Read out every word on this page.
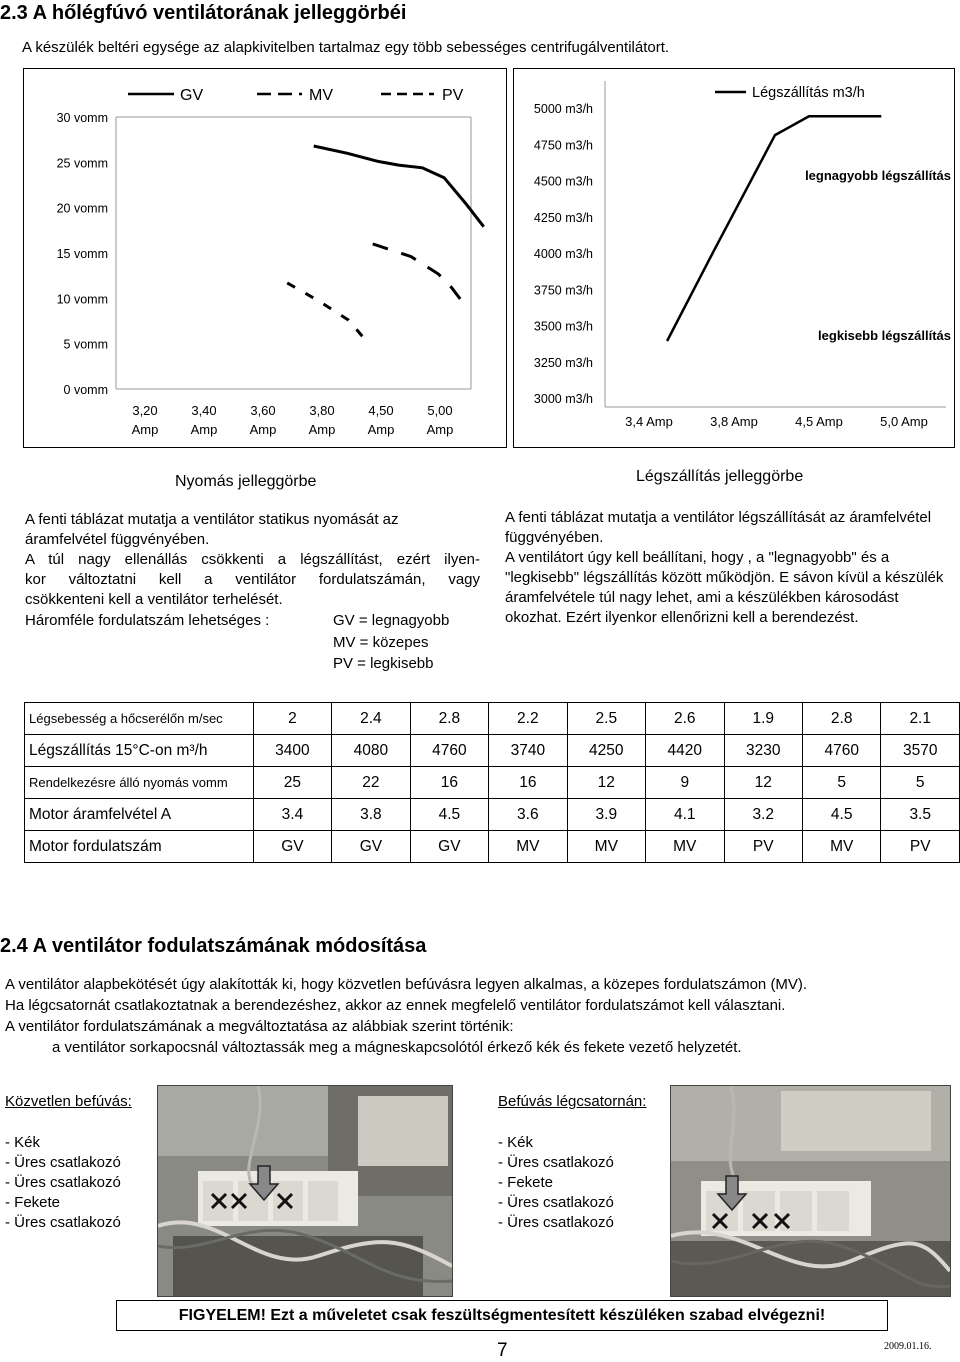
2.3 A hőlégfúvó ventilátorának jelleggörbéi
A készülék beltéri egysége az alapkivitelben tartalmaz egy több sebességes centrifugálventilátort.
GV	MV	PV
30 vomm
25 vomm
20 vomm
15 vomm
10 vomm
5 vomm
0 vomm
3,20 Amp
3,40 Amp
3,60 Amp
3,80 Amp
4,50 Amp
5,00 Amp
Légszállítás m3/h
legnagyobb légszállítás
legkisebb légszállítás
5000 m3/h
4750 m3/h
4500 m3/h
4250 m3/h
4000 m3/h
3750 m3/h
3500 m3/h
3250 m3/h
3000 m3/h
3,4 Amp	3,8 Amp	4,5 Amp	5,0 Amp
Nyomás jelleggörbe	Légszállítás jelleggörbe
A fenti táblázat mutatja a ventilátor statikus nyomását az áramfelvétel függvényében.
A túl nagy ellenállás csökkenti a légszállítást, ezért ilyen-
kor változtatni kell a ventilátor fordulatszámán, vagy
csökkenteni kell a ventilátor terhelését.
Háromféle fordulatszám lehetséges :	GV = legnagyobb
MV = közepes
PV = legkisebb
A fenti táblázat mutatja a ventilátor légszállítását az áramfelvétel függvényében.
A ventilátort úgy kell beállítani, hogy , a "legnagyobb" és a "legkisebb" légszállítás között működjön. E sávon kívül a készülék áramfelvétele túl nagy lehet, ami a készülékben károsodást okozhat. Ezért ilyenkor ellenőrizni kell a berendezést.
Légsebesség a hőcserélőn m/sec	2	2.4	2.8	2.2	2.5	2.6	1.9	2.8	2.1
Légszállítás 15°C-on m³/h	3400	4080	4760	3740	4250	4420	3230	4760	3570
Rendelkezésre álló nyomás vomm	25	22	16	16	12	9	12	5	5
Motor áramfelvétel A	3.4	3.8	4.5	3.6	3.9	4.1	3.2	4.5	3.5
Motor fordulatszám	GV	GV	GV	MV	MV	MV	PV	MV	PV
2.4 A ventilátor fodulatszámának módosítása
A ventilátor alapbekötését úgy alakították ki, hogy közvetlen befúvásra legyen alkalmas, a közepes fordulatszámon (MV).
Ha légcsatornát csatlakoztatnak a berendezéshez, akkor az ennek megfelelő ventilátor fordulatszámot kell választani.
A ventilátor fordulatszámának a megváltoztatása az alábbiak szerint történik:
a ventilátor sorkapocsnál változtassák meg a mágneskapcsolótól érkező kék és fekete vezető helyzetét.
Közvetlen befúvás:
- Kék
- Üres csatlakozó
- Üres csatlakozó
- Fekete
- Üres csatlakozó
Befúvás légcsatornán:
- Kék
- Üres csatlakozó
- Fekete
- Üres csatlakozó
- Üres csatlakozó
FIGYELEM! Ezt a műveletet csak feszültségmentesített készüléken szabad elvégezni!
7	2009.01.16.
